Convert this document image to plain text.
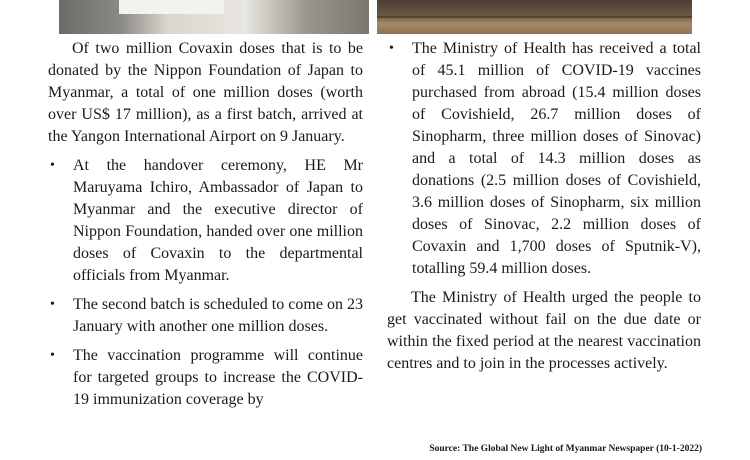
Of two million Covaxin doses that is to be donated by the Nippon Foundation of Japan to Myanmar, a total of one million doses (worth over US$ 17 million), as a first batch, arrived at the Yangon International Airport on 9 January.

• At the handover ceremony, HE Mr Maruyama Ichiro, Ambassador of Japan to Myanmar and the executive director of Nippon Foundation, handed over one million doses of Covaxin to the departmental officials from Myanmar.
• The second batch is scheduled to come on 23 January with another one million doses.
• The vaccination programme will continue for targeted groups to increase the COVID-19 immunization coverage by
• The Ministry of Health has received a total of 45.1 million of COVID-19 vaccines purchased from abroad (15.4 million doses of Covishield, 26.7 million doses of Sinopharm, three million doses of Sinovac) and a total of 14.3 million doses as donations (2.5 million doses of Covishield, 3.6 million doses of Sinopharm, six million doses of Sinovac, 2.2 million doses of Covaxin and 1,700 doses of Sputnik-V), totalling 59.4 million doses.

The Ministry of Health urged the people to get vaccinated without fail on the due date or within the fixed period at the nearest vaccination centres and to join in the processes actively.

Source: The Global New Light of Myanmar Newspaper (10-1-2022)
